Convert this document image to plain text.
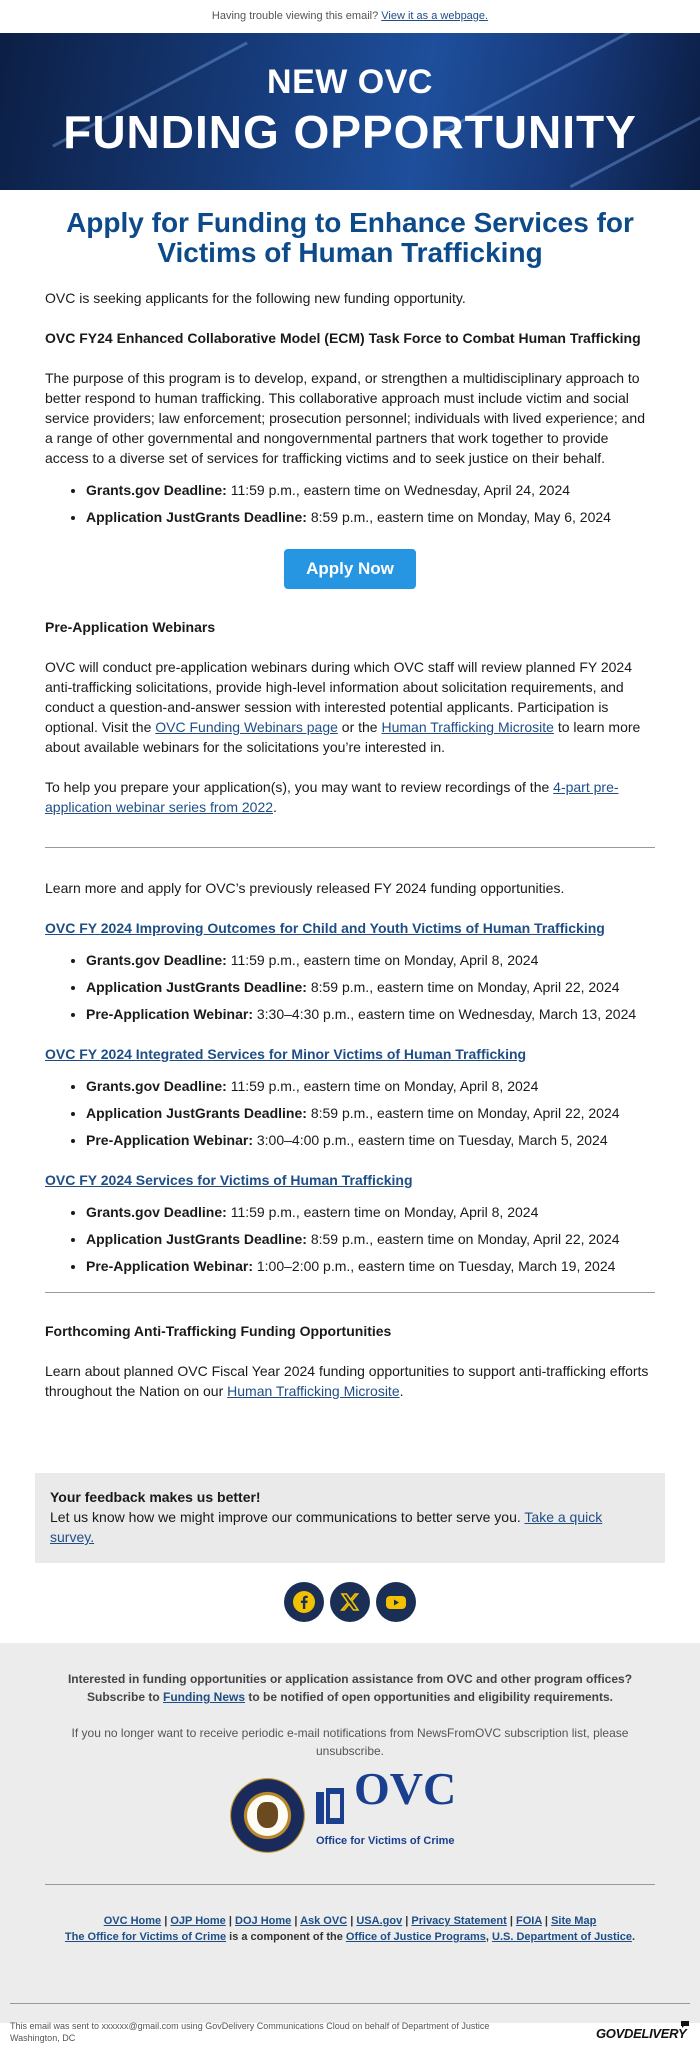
Having trouble viewing this email? View it as a webpage.
NEW OVC
FUNDING OPPORTUNITY
Apply for Funding to Enhance Services for Victims of Human Trafficking

OVC is seeking applicants for the following new funding opportunity.

OVC FY24 Enhanced Collaborative Model (ECM) Task Force to Combat Human Trafficking

The purpose of this program is to develop, expand, or strengthen a multidisciplinary approach to better respond to human trafficking. This collaborative approach must include victim and social service providers; law enforcement; prosecution personnel; individuals with lived experience; and a range of other governmental and nongovernmental partners that work together to provide access to a diverse set of services for trafficking victims and to seek justice on their behalf.

• Grants.gov Deadline: 11:59 p.m., eastern time on Wednesday, April 24, 2024
• Application JustGrants Deadline: 8:59 p.m., eastern time on Monday, May 6, 2024
Apply Now

Pre-Application Webinars

OVC will conduct pre-application webinars during which OVC staff will review planned FY 2024 anti-trafficking solicitations, provide high-level information about solicitation requirements, and conduct a question-and-answer session with interested potential applicants. Participation is optional. Visit the OVC Funding Webinars page or the Human Trafficking Microsite to learn more about available webinars for the solicitations you’re interested in.

To help you prepare your application(s), you may want to review recordings of the 4-part pre-application webinar series from 2022.

Learn more and apply for OVC’s previously released FY 2024 funding opportunities.

OVC FY 2024 Improving Outcomes for Child and Youth Victims of Human Trafficking
• Grants.gov Deadline: 11:59 p.m., eastern time on Monday, April 8, 2024
• Application JustGrants Deadline: 8:59 p.m., eastern time on Monday, April 22, 2024
• Pre-Application Webinar: 3:30–4:30 p.m., eastern time on Wednesday, March 13, 2024
OVC FY 2024 Integrated Services for Minor Victims of Human Trafficking
• Grants.gov Deadline: 11:59 p.m., eastern time on Monday, April 8, 2024
• Application JustGrants Deadline: 8:59 p.m., eastern time on Monday, April 22, 2024
• Pre-Application Webinar: 3:00–4:00 p.m., eastern time on Tuesday, March 5, 2024
OVC FY 2024 Services for Victims of Human Trafficking
• Grants.gov Deadline: 11:59 p.m., eastern time on Monday, April 8, 2024
• Application JustGrants Deadline: 8:59 p.m., eastern time on Monday, April 22, 2024
• Pre-Application Webinar: 1:00–2:00 p.m., eastern time on Tuesday, March 19, 2024

Forthcoming Anti-Trafficking Funding Opportunities

Learn about planned OVC Fiscal Year 2024 funding opportunities to support anti-trafficking efforts throughout the Nation on our Human Trafficking Microsite.

Your feedback makes us better!
Let us know how we might improve our communications to better serve you. Take a quick survey.

Interested in funding opportunities or application assistance from OVC and other program offices?
Subscribe to Funding News to be notified of open opportunities and eligibility requirements.

If you no longer want to receive periodic e-mail notifications from NewsFromOVC subscription list, please unsubscribe.

OVC
Office for Victims of Crime
OVC Home | OJP Home | DOJ Home | Ask OVC | USA.gov | Privacy Statement | FOIA | Site Map
The Office for Victims of Crime is a component of the Office of Justice Programs, U.S. Department of Justice.
This email was sent to xxxxxx@gmail.com using GovDelivery Communications Cloud on behalf of Department of Justice
Washington, DC	GOVDELIVERY
